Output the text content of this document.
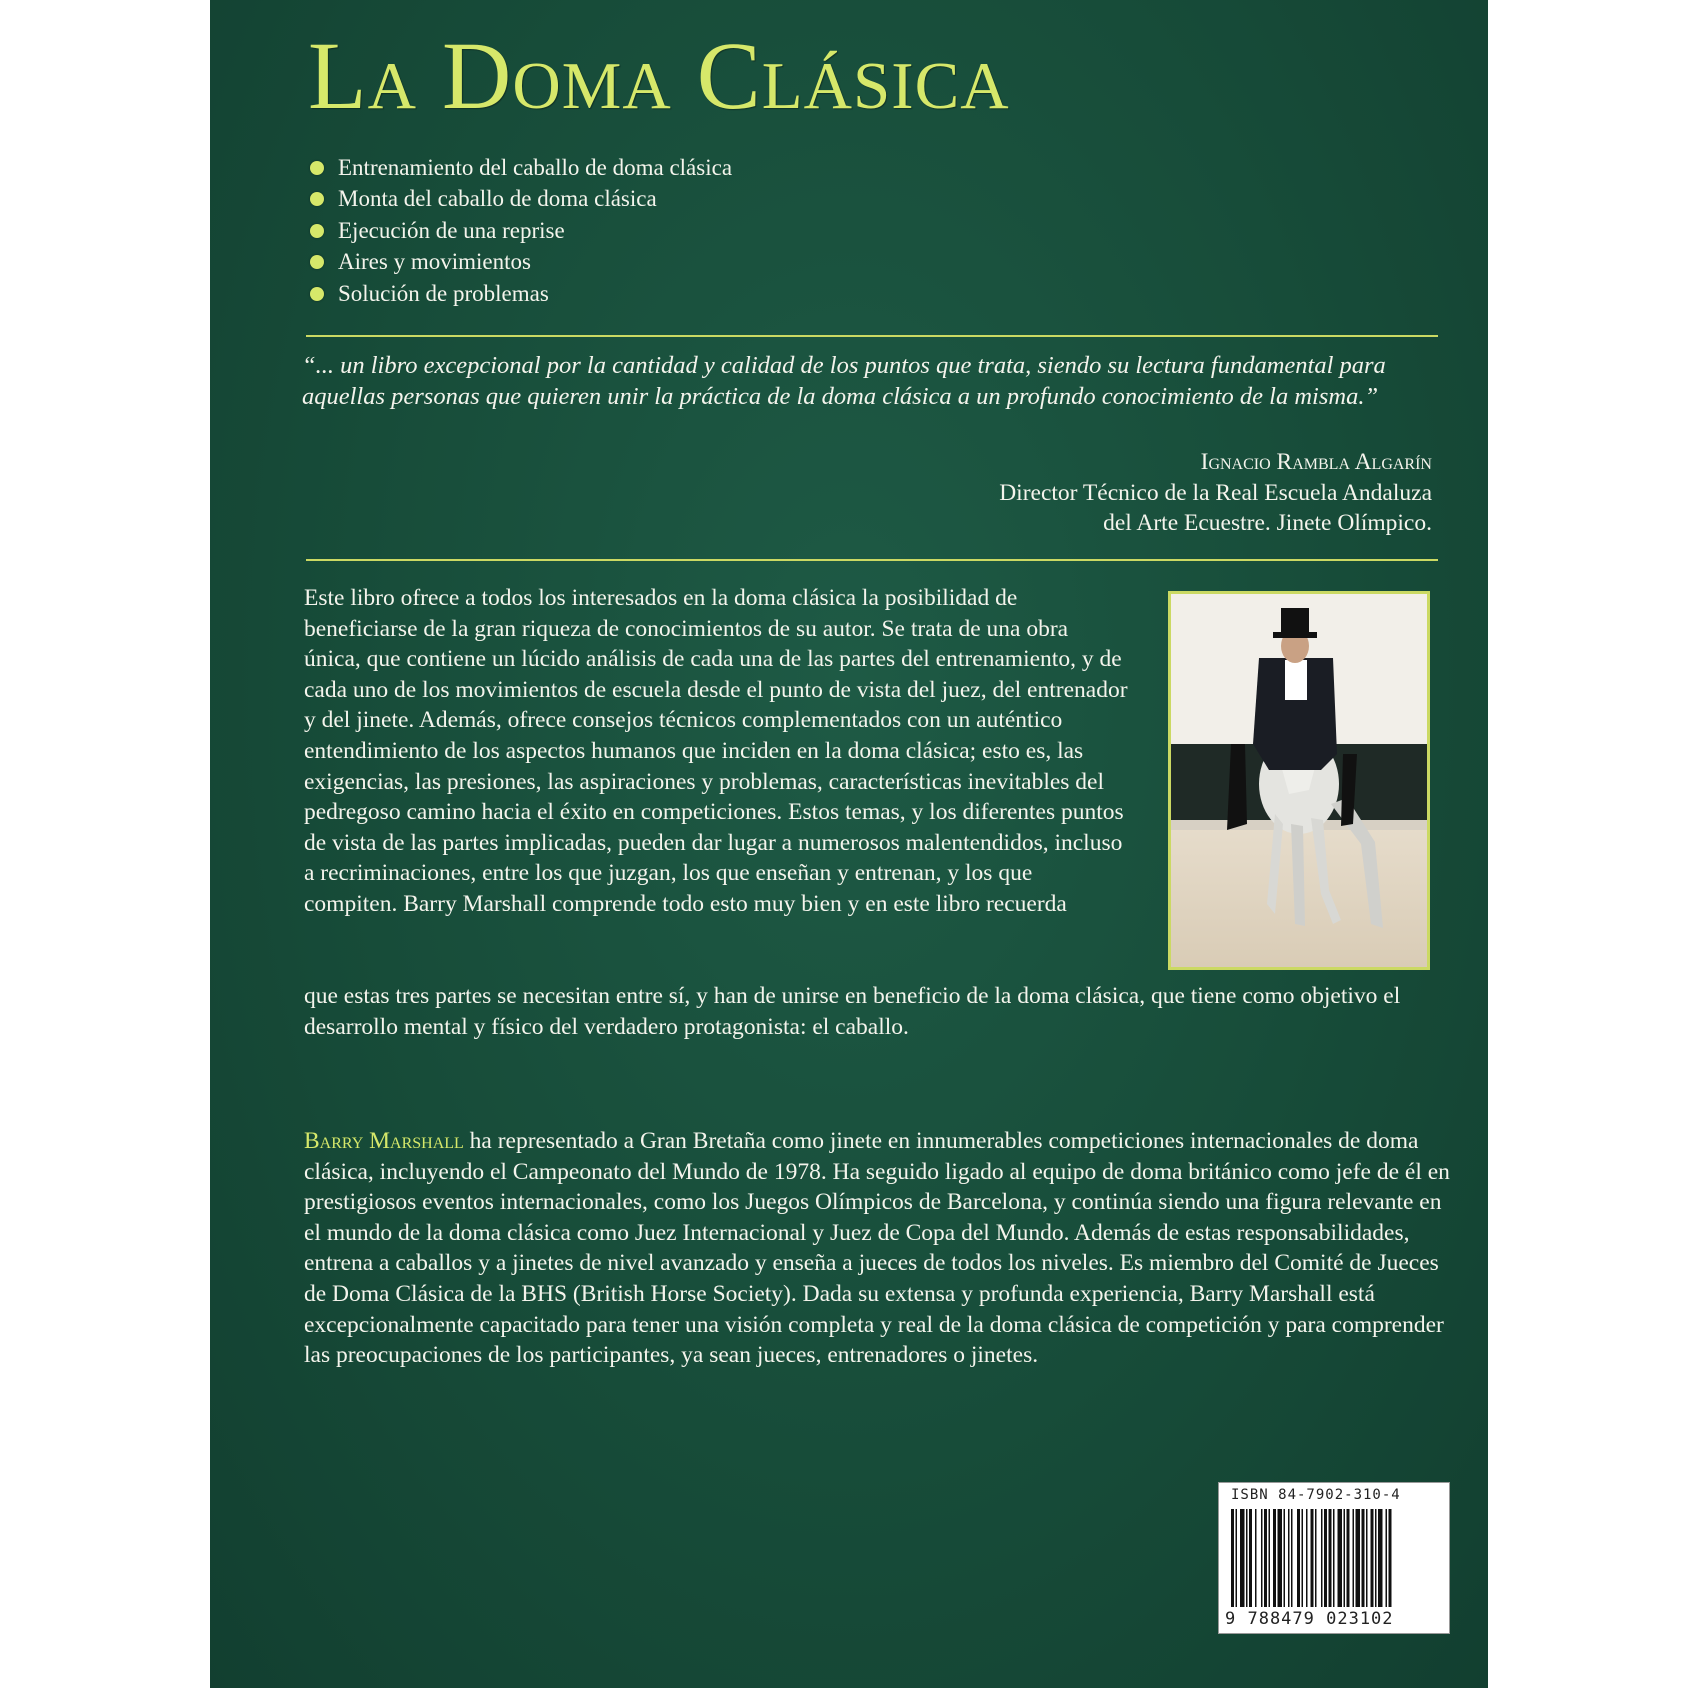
La Doma Clásica
Entrenamiento del caballo de doma clásica
Monta del caballo de doma clásica
Ejecución de una reprise
Aires y movimientos
Solución de problemas

“... un libro excepcional por la cantidad y calidad de los puntos que trata, siendo su lectura fundamental para aquellas personas que quieren unir la práctica de la doma clásica a un profundo conocimiento de la misma.”

Ignacio Rambla Algarín
Director Técnico de la Real Escuela Andaluza
del Arte Ecuestre. Jinete Olímpico.

Este libro ofrece a todos los interesados en la doma clásica la posibilidad de beneficiarse de la gran riqueza de conocimientos de su autor. Se trata de una obra única, que contiene un lúcido análisis de cada una de las partes del entrenamiento, y de cada uno de los movimientos de escuela desde el punto de vista del juez, del entrenador y del jinete. Además, ofrece consejos técnicos complementados con un auténtico entendimiento de los aspectos humanos que inciden en la doma clásica; esto es, las exigencias, las presiones, las aspiraciones y problemas, características inevitables del pedregoso camino hacia el éxito en competiciones. Estos temas, y los diferentes puntos de vista de las partes implicadas, pueden dar lugar a numerosos malentendidos, incluso a recriminaciones, entre los que juzgan, los que enseñan y entrenan, y los que compiten. Barry Marshall comprende todo esto muy bien y en este libro recuerda

que estas tres partes se necesitan entre sí, y han de unirse en beneficio de la doma clásica, que tiene como objetivo el desarrollo mental y físico del verdadero protagonista: el caballo.

Barry Marshall ha representado a Gran Bretaña como jinete en innumerables competiciones internacionales de doma clásica, incluyendo el Campeonato del Mundo de 1978. Ha seguido ligado al equipo de doma británico como jefe de él en prestigiosos eventos internacionales, como los Juegos Olímpicos de Barcelona, y continúa siendo una figura relevante en el mundo de la doma clásica como Juez Internacional y Juez de Copa del Mundo. Además de estas responsabilidades, entrena a caballos y a jinetes de nivel avanzado y enseña a jueces de todos los niveles. Es miembro del Comité de Jueces de Doma Clásica de la BHS (British Horse Society). Dada su extensa y profunda experiencia, Barry Marshall está excepcionalmente capacitado para tener una visión completa y real de la doma clásica de competición y para comprender las preocupaciones de los participantes, ya sean jueces, entrenadores o jinetes.

ISBN 84-7902-310-4
9 788479 023102
